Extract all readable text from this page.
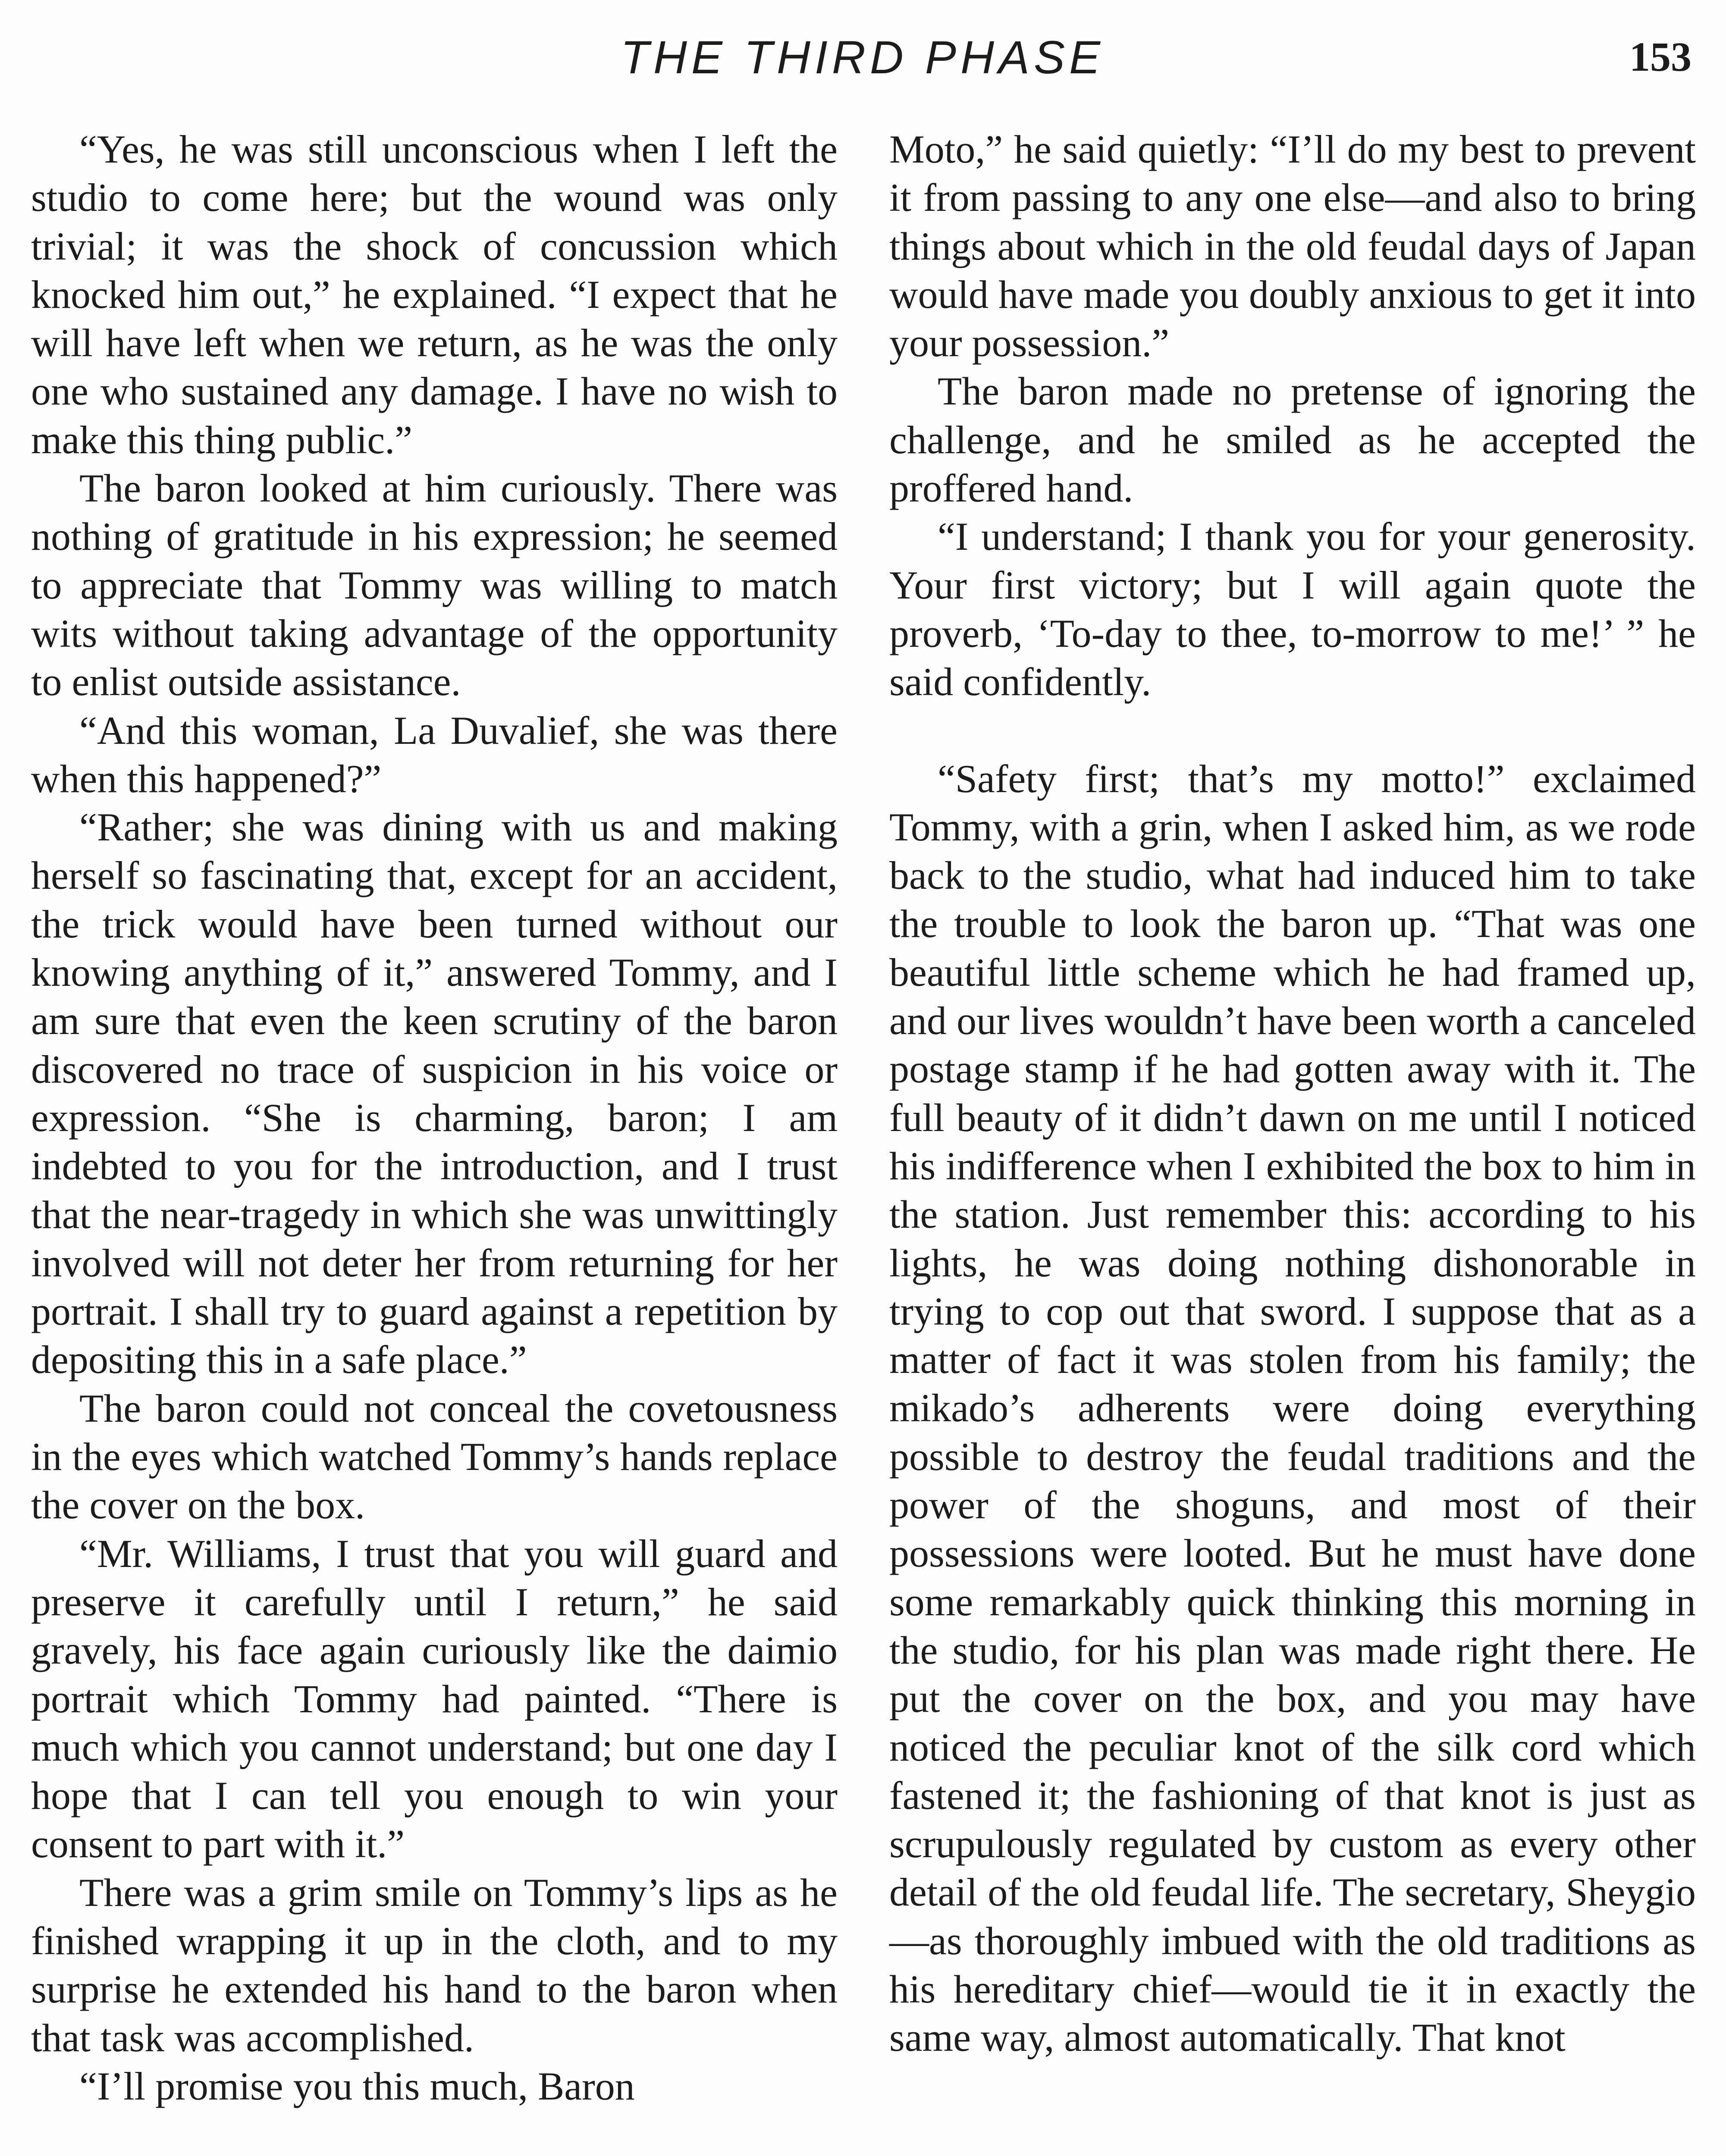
THE THIRD PHASE	153

“Yes, he was still unconscious when I left the studio to come here; but the wound was only trivial; it was the shock of concussion which knocked him out,” he explained. “I expect that he will have left when we return, as he was the only one who sustained any damage. I have no wish to make this thing public.”

The baron looked at him curiously. There was nothing of gratitude in his expression; he seemed to appreciate that Tommy was willing to match wits without taking advantage of the opportunity to enlist outside assistance.

“And this woman, La Duvalief, she was there when this happened?”

“Rather; she was dining with us and making herself so fascinating that, except for an accident, the trick would have been turned without our knowing anything of it,” answered Tommy, and I am sure that even the keen scrutiny of the baron discovered no trace of suspicion in his voice or expression. “She is charming, baron; I am indebted to you for the introduction, and I trust that the near-tragedy in which she was unwittingly involved will not deter her from returning for her portrait. I shall try to guard against a repetition by depositing this in a safe place.”

The baron could not conceal the covetousness in the eyes which watched Tommy’s hands replace the cover on the box.

“Mr. Williams, I trust that you will guard and preserve it carefully until I return,” he said gravely, his face again curiously like the daimio portrait which Tommy had painted. “There is much which you cannot understand; but one day I hope that I can tell you enough to win your consent to part with it.”

There was a grim smile on Tommy’s lips as he finished wrapping it up in the cloth, and to my surprise he extended his hand to the baron when that task was accomplished.

“I’ll promise you this much, Baron

Moto,” he said quietly: “I’ll do my best to prevent it from passing to any one else—and also to bring things about which in the old feudal days of Japan would have made you doubly anxious to get it into your possession.”

The baron made no pretense of ignoring the challenge, and he smiled as he accepted the proffered hand.

“I understand; I thank you for your generosity. Your first victory; but I will again quote the proverb, ‘To-day to thee, to-morrow to me!’ ” he said confidently.

“Safety first; that’s my motto!” exclaimed Tommy, with a grin, when I asked him, as we rode back to the studio, what had induced him to take the trouble to look the baron up. “That was one beautiful little scheme which he had framed up, and our lives wouldn’t have been worth a canceled postage stamp if he had gotten away with it. The full beauty of it didn’t dawn on me until I noticed his indifference when I exhibited the box to him in the station. Just remember this: according to his lights, he was doing nothing dishonorable in trying to cop out that sword. I suppose that as a matter of fact it was stolen from his family; the mikado’s adherents were doing everything possible to destroy the feudal traditions and the power of the shoguns, and most of their possessions were looted. But he must have done some remarkably quick thinking this morning in the studio, for his plan was made right there. He put the cover on the box, and you may have noticed the peculiar knot of the silk cord which fastened it; the fashioning of that knot is just as scrupulously regulated by custom as every other detail of the old feudal life. The secretary, Sheygio—as thoroughly imbued with the old traditions as his hereditary chief—would tie it in exactly the same way, almost automatically. That knot
